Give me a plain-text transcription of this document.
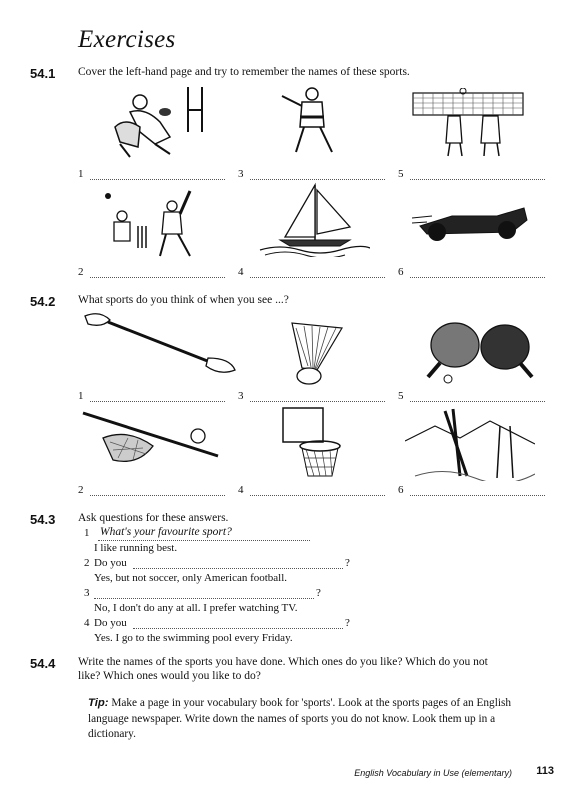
Exercises
54.1 Cover the left-hand page and try to remember the names of these sports.
1	3	5
2	4	6
54.2 What sports do you think of when you see ...?
1	3	5
2	4	6
54.3 Ask questions for these answers.
1 What's your favourite sport?
I like running best.
2 Do you	?
Yes, but not soccer, only American football.
3	?
No, I don't do any at all. I prefer watching TV.
4 Do you	?
Yes. I go to the swimming pool every Friday.
54.4 Write the names of the sports you have done. Which ones do you like? Which do you not
like? Which ones would you like to do?
Tip: Make a page in your vocabulary book for 'sports'. Look at the sports pages of an English language newspaper. Write down the names of sports you do not know. Look them up in a dictionary.
English Vocabulary in Use (elementary) 113
